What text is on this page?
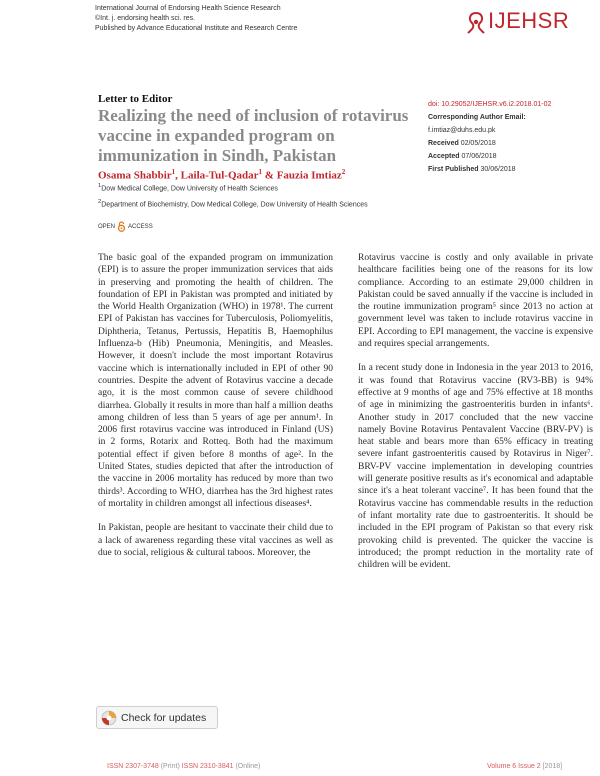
International Journal of Endorsing Health Science Research
©Int. j. endorsing health sci. res.
Published by Advance Educational Institute and Research Centre	IJEHSR
Letter to Editor
Realizing the need of inclusion of rotavirus vaccine in expanded program on immunization in Sindh, Pakistan
Osama Shabbir$^1$, Laila-Tul-Qadar$^1$ & Fauzia Imtiaz$^2$
$^1$Dow Medical College, Dow University of Health Sciences
$^2$Department of Biochemistry, Dow Medical College, Dow University of Health Sciences
OPEN ACCESS
doi: 10.29052/IJEHSR.v6.i2.2018.01-02
Corresponding Author Email:
f.imtiaz@duhs.edu.pk
Received 02/05/2018
Accepted 07/06/2018
First Published 30/06/2018

The basic goal of the expanded program on immunization (EPI) is to assure the proper immunization services that aids in preserving and promoting the health of children. The foundation of EPI in Pakistan was prompted and initiated by the World Health Organization (WHO) in 1978¹. The current EPI of Pakistan has vaccines for Tuberculosis, Poliomyelitis, Diphtheria, Tetanus, Pertussis, Hepatitis B, Haemophilus Influenza-b (Hib) Pneumonia, Meningitis, and Measles. However, it doesn't include the most important Rotavirus vaccine which is internationally included in EPI of other 90 countries. Despite the advent of Rotavirus vaccine a decade ago, it is the most common cause of severe childhood diarrhea. Globally it results in more than half a million deaths among children of less than 5 years of age per annum¹. In 2006 first rotavirus vaccine was introduced in Finland (US) in 2 forms, Rotarix and Rotteq. Both had the maximum potential effect if given before 8 months of age². In the United States, studies depicted that after the introduction of the vaccine in 2006 mortality has reduced by more than two thirds³. According to WHO, diarrhea has the 3rd highest rates of mortality in children amongst all infectious diseases⁴.

In Pakistan, people are hesitant to vaccinate their child due to a lack of awareness regarding these vital vaccines as well as due to social, religious & cultural taboos. Moreover, the

Rotavirus vaccine is costly and only available in private healthcare facilities being one of the reasons for its low compliance. According to an estimate 29,000 children in Pakistan could be saved annually if the vaccine is included in the routine immunization program⁵ since 2013 no action at government level was taken to include rotavirus vaccine in EPI. According to EPI management, the vaccine is expensive and requires special arrangements.

In a recent study done in Indonesia in the year 2013 to 2016, it was found that Rotavirus vaccine (RV3-BB) is 94% effective at 9 months of age and 75% effective at 18 months of age in minimizing the gastroenteritis burden in infants⁶. Another study in 2017 concluded that the new vaccine namely Bovine Rotavirus Pentavalent Vaccine (BRV-PV) is heat stable and bears more than 65% efficacy in treating severe infant gastroenteritis caused by Rotavirus in Niger⁷. BRV-PV vaccine implementation in developing countries will generate positive results as it's economical and adaptable since it's a heat tolerant vaccine⁷. It has been found that the Rotavirus vaccine has commendable results in the reduction of infant mortality rate due to gastroenteritis. It should be included in the EPI program of Pakistan so that every risk provoking child is prevented. The quicker the vaccine is introduced; the prompt reduction in the mortality rate of children will be evident.

Check for updates
ISSN 2307-3748 (Print) ISSN 2310-3841 (Online)	Volume 6 Issue 2 [2018]
